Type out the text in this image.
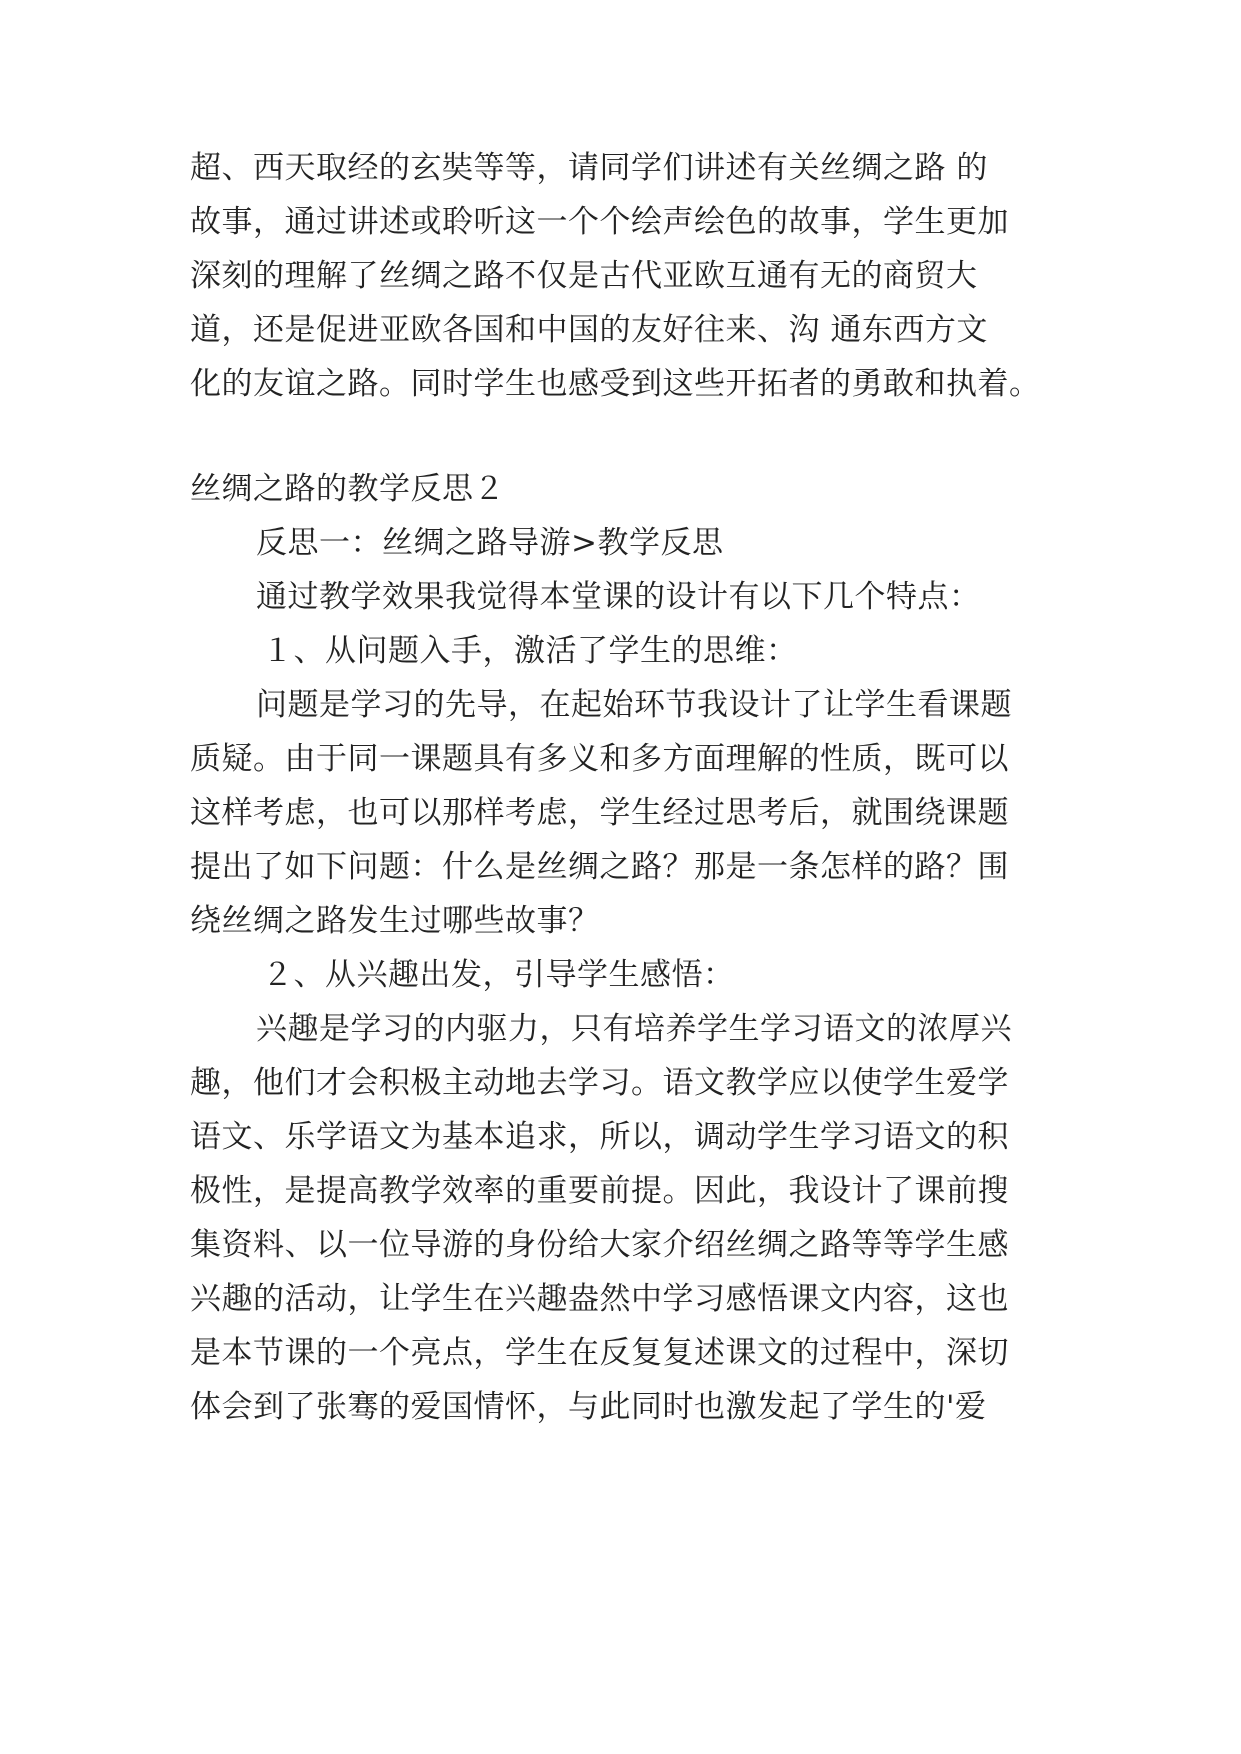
超、西天取经的玄奘等等，请同学们讲述有关丝绸之路 的
故事，通过讲述或聆听这一个个绘声绘色的故事，学生更加
深刻的理解了丝绸之路不仅是古代亚欧互通有无的商贸大
道，还是促进亚欧各国和中国的友好往来、沟 通东西方文
化的友谊之路。同时学生也感受到这些开拓者的勇敢和执着。
丝绸之路的教学反思２
反思一：丝绸之路导游>教学反思
通过教学效果我觉得本堂课的设计有以下几个特点：
１、从问题入手，激活了学生的思维：
问题是学习的先导，在起始环节我设计了让学生看课题
质疑。由于同一课题具有多义和多方面理解的性质，既可以
这样考虑，也可以那样考虑，学生经过思考后，就围绕课题
提出了如下问题：什么是丝绸之路？那是一条怎样的路？围
绕丝绸之路发生过哪些故事？
２、从兴趣出发，引导学生感悟：
兴趣是学习的内驱力，只有培养学生学习语文的浓厚兴
趣，他们才会积极主动地去学习。语文教学应以使学生爱学
语文、乐学语文为基本追求，所以，调动学生学习语文的积
极性，是提高教学效率的重要前提。因此，我设计了课前搜
集资料、以一位导游的身份给大家介绍丝绸之路等等学生感
兴趣的活动，让学生在兴趣盎然中学习感悟课文内容，这也
是本节课的一个亮点，学生在反复复述课文的过程中，深切
体会到了张骞的爱国情怀，与此同时也激发起了学生的'爱
